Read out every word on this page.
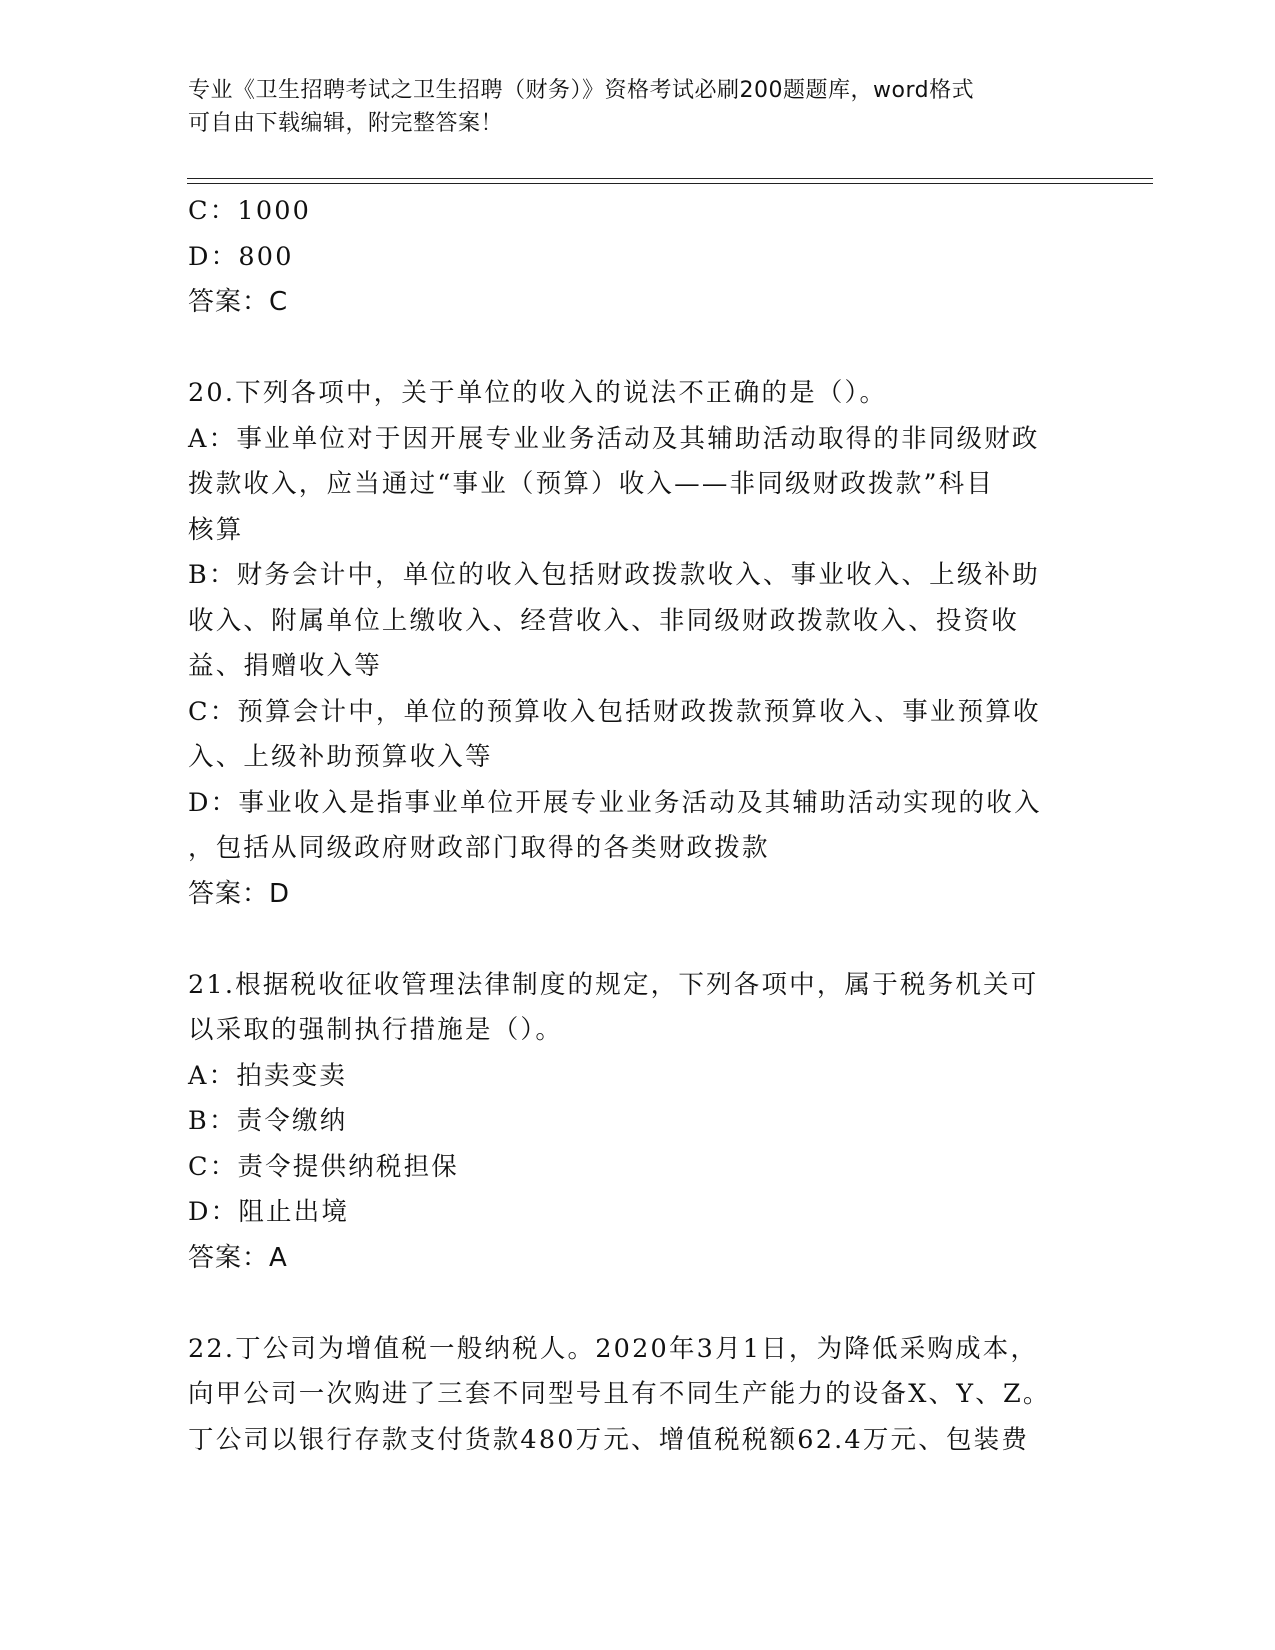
专业《卫生招聘考试之卫生招聘（财务）》资格考试必刷200题题库，word格式
可自由下载编辑，附完整答案！
C：1000
D：800
答案：C
20.下列各项中，关于单位的收入的说法不正确的是（）。
A：事业单位对于因开展专业业务活动及其辅助活动取得的非同级财政
拨款收入，应当通过“事业（预算）收入——非同级财政拨款”科目
核算
B：财务会计中，单位的收入包括财政拨款收入、事业收入、上级补助
收入、附属单位上缴收入、经营收入、非同级财政拨款收入、投资收
益、捐赠收入等
C：预算会计中，单位的预算收入包括财政拨款预算收入、事业预算收
入、上级补助预算收入等
D：事业收入是指事业单位开展专业业务活动及其辅助活动实现的收入
，包括从同级政府财政部门取得的各类财政拨款
答案：D
21.根据税收征收管理法律制度的规定，下列各项中，属于税务机关可
以采取的强制执行措施是（）。
A：拍卖变卖
B：责令缴纳
C：责令提供纳税担保
D：阻止出境
答案：A
22.丁公司为增值税一般纳税人。2020年3月1日，为降低采购成本，
向甲公司一次购进了三套不同型号且有不同生产能力的设备X、Y、Z。
丁公司以银行存款支付货款480万元、增值税税额62.4万元、包装费
